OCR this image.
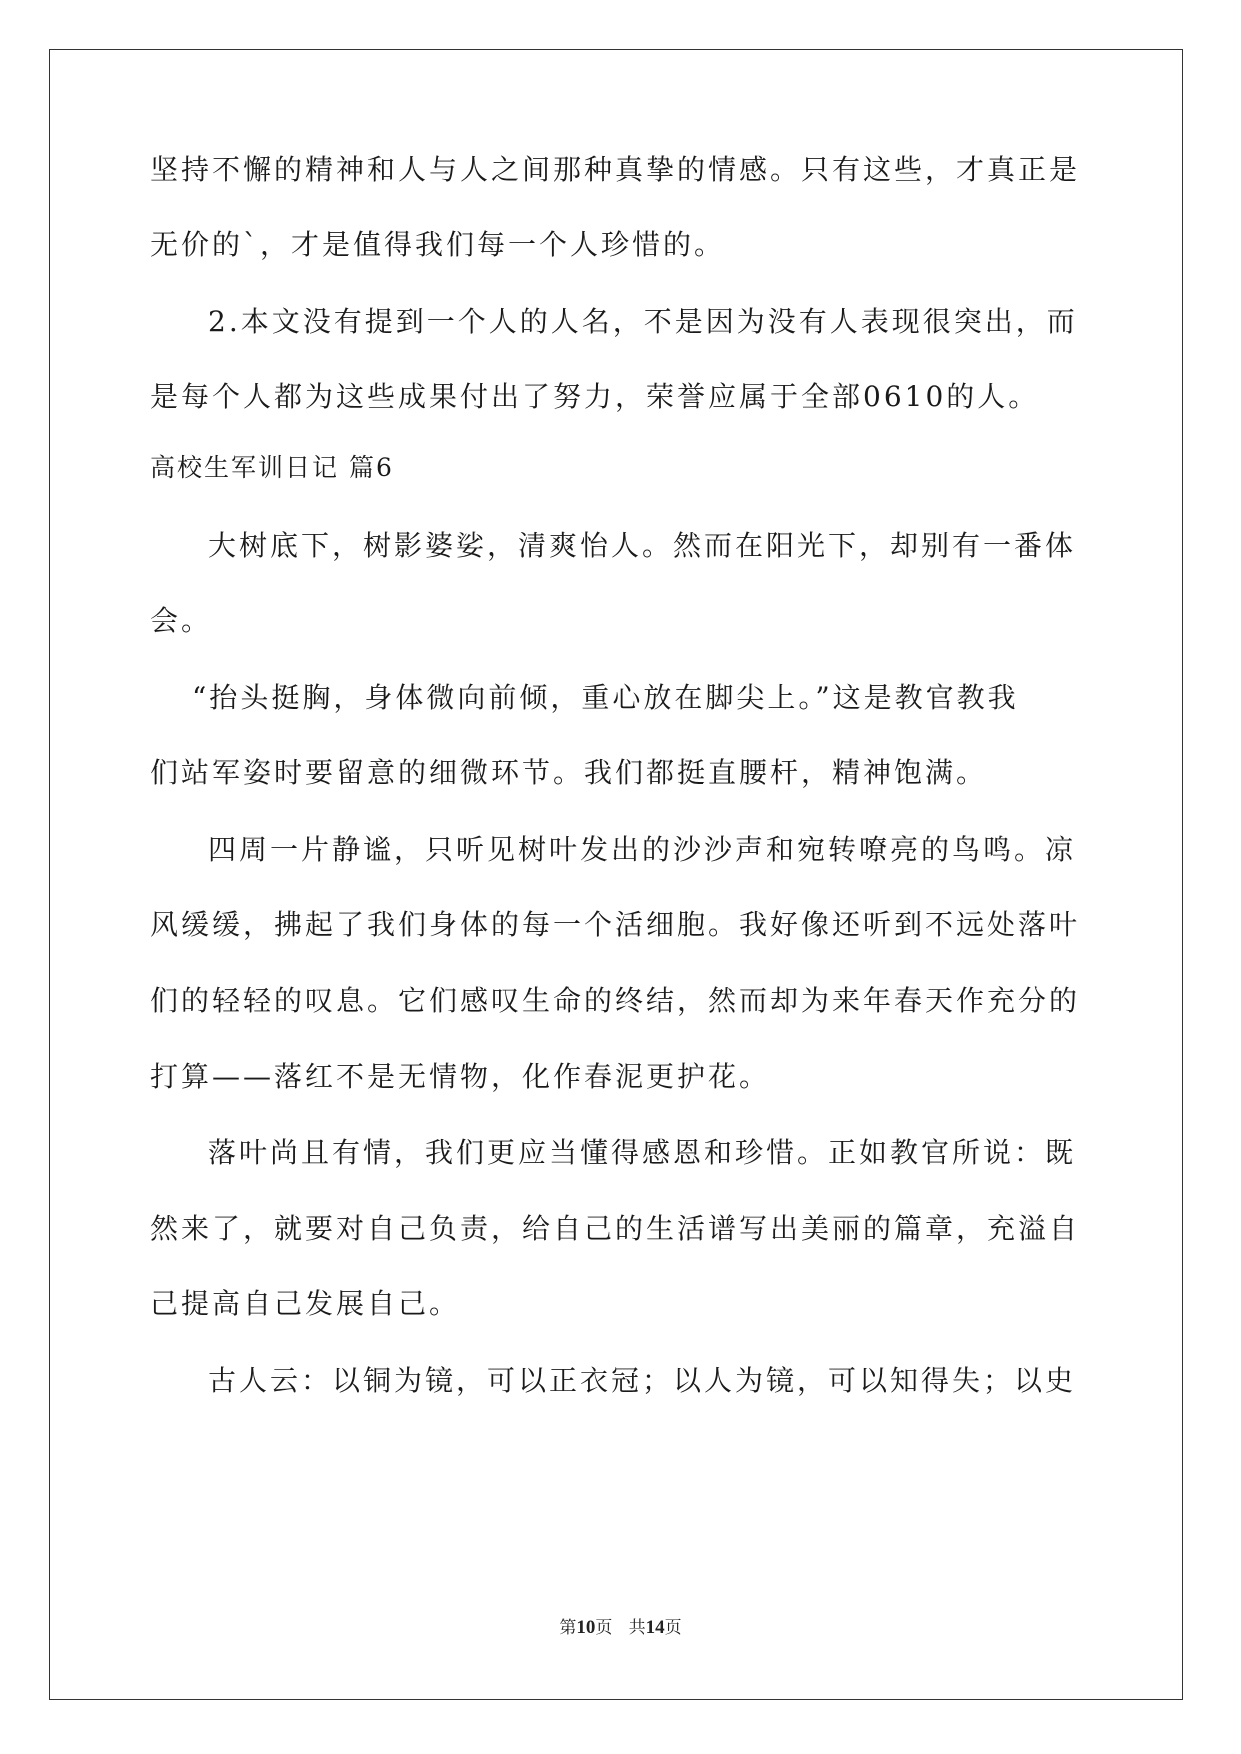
坚持不懈的精神和人与人之间那种真挚的情感。只有这些，才真正是
无价的`，才是值得我们每一个人珍惜的。
2.本文没有提到一个人的人名，不是因为没有人表现很突出，而
是每个人都为这些成果付出了努力，荣誉应属于全部0610的人。
高校生军训日记 篇6
大树底下，树影婆娑，清爽怡人。然而在阳光下，却别有一番体
会。
“抬头挺胸，身体微向前倾，重心放在脚尖上。”这是教官教我
们站军姿时要留意的细微环节。我们都挺直腰杆，精神饱满。
四周一片静谧，只听见树叶发出的沙沙声和宛转嘹亮的鸟鸣。凉
风缓缓，拂起了我们身体的每一个活细胞。我好像还听到不远处落叶
们的轻轻的叹息。它们感叹生命的终结，然而却为来年春天作充分的
打算——落红不是无情物，化作春泥更护花。
落叶尚且有情，我们更应当懂得感恩和珍惜。正如教官所说：既
然来了，就要对自己负责，给自己的生活谱写出美丽的篇章，充溢自
己提高自己发展自己。
古人云：以铜为镜，可以正衣冠；以人为镜，可以知得失；以史
第10页   共14页
